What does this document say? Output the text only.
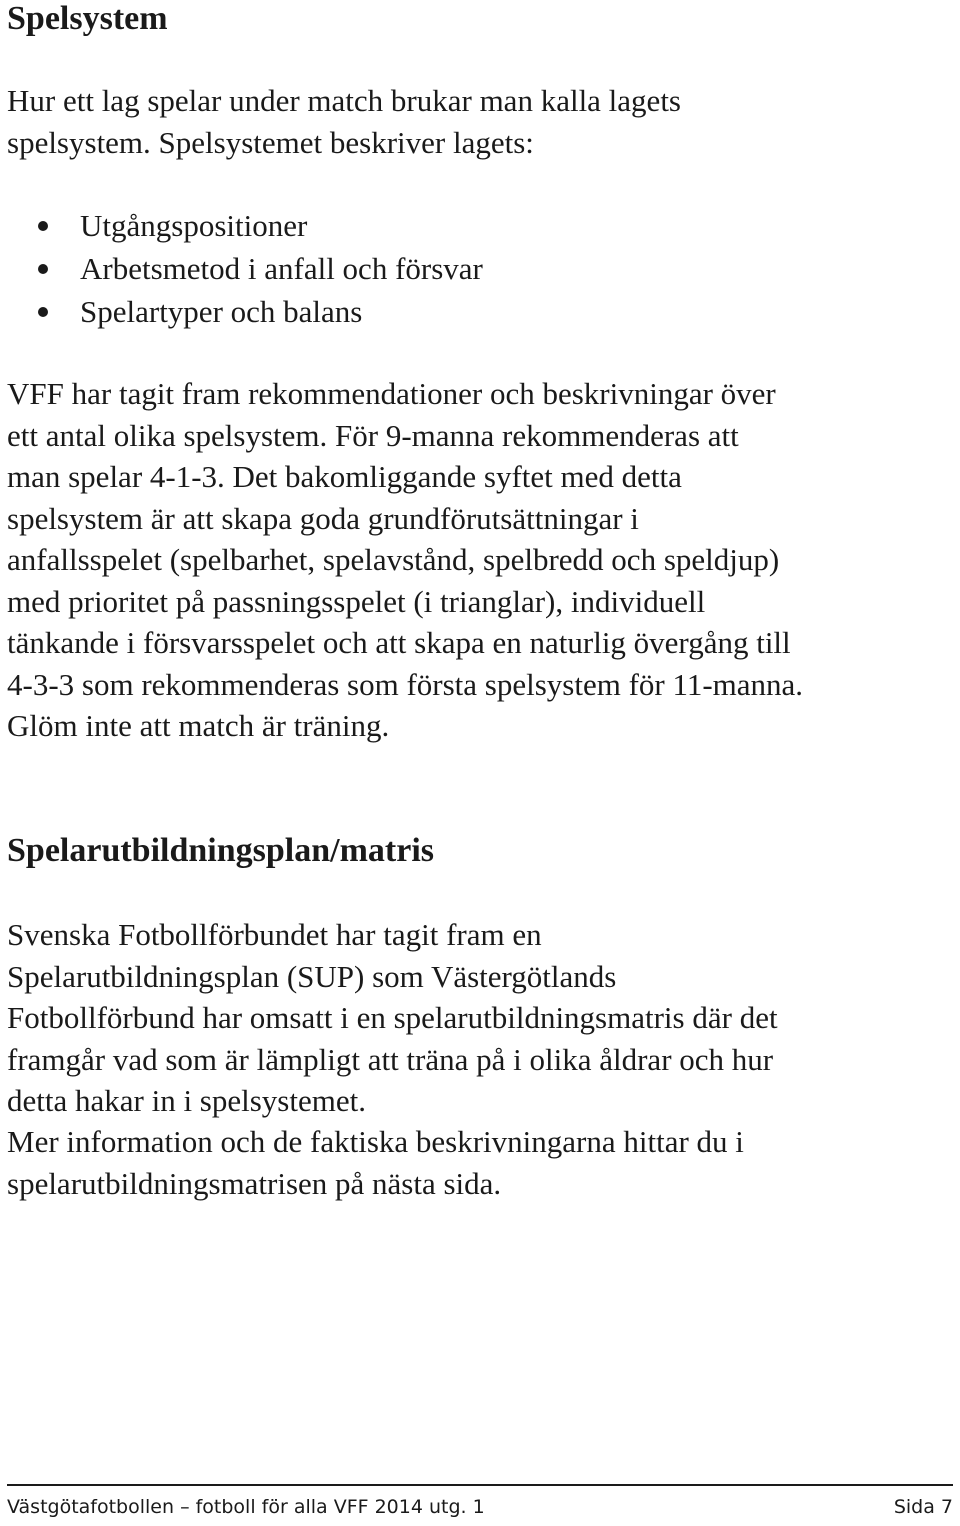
Spelsystem

Hur ett lag spelar under match brukar man kalla lagets
spelsystem. Spelsystemet beskriver lagets:

Utgångspositioner
Arbetsmetod i anfall och försvar
Spelartyper och balans

VFF har tagit fram rekommendationer och beskrivningar över
ett antal olika spelsystem. För 9-manna rekommenderas att
man spelar 4-1-3. Det bakomliggande syftet med detta
spelsystem är att skapa goda grundförutsättningar i
anfallsspelet (spelbarhet, spelavstånd, spelbredd och speldjup)
med prioritet på passningsspelet (i trianglar), individuell
tänkande i försvarsspelet och att skapa en naturlig övergång till
4-3-3 som rekommenderas som första spelsystem för 11-manna.
Glöm inte att match är träning.

Spelarutbildningsplan/matris

Svenska Fotbollförbundet har tagit fram en
Spelarutbildningsplan (SUP) som Västergötlands
Fotbollförbund har omsatt i en spelarutbildningsmatris där det
framgår vad som är lämpligt att träna på i olika åldrar och hur
detta hakar in i spelsystemet.

Mer information och de faktiska beskrivningarna hittar du i
spelarutbildningsmatrisen på nästa sida.

Västgötafotbollen – fotboll för alla VFF 2014 utg. 1	Sida 7
